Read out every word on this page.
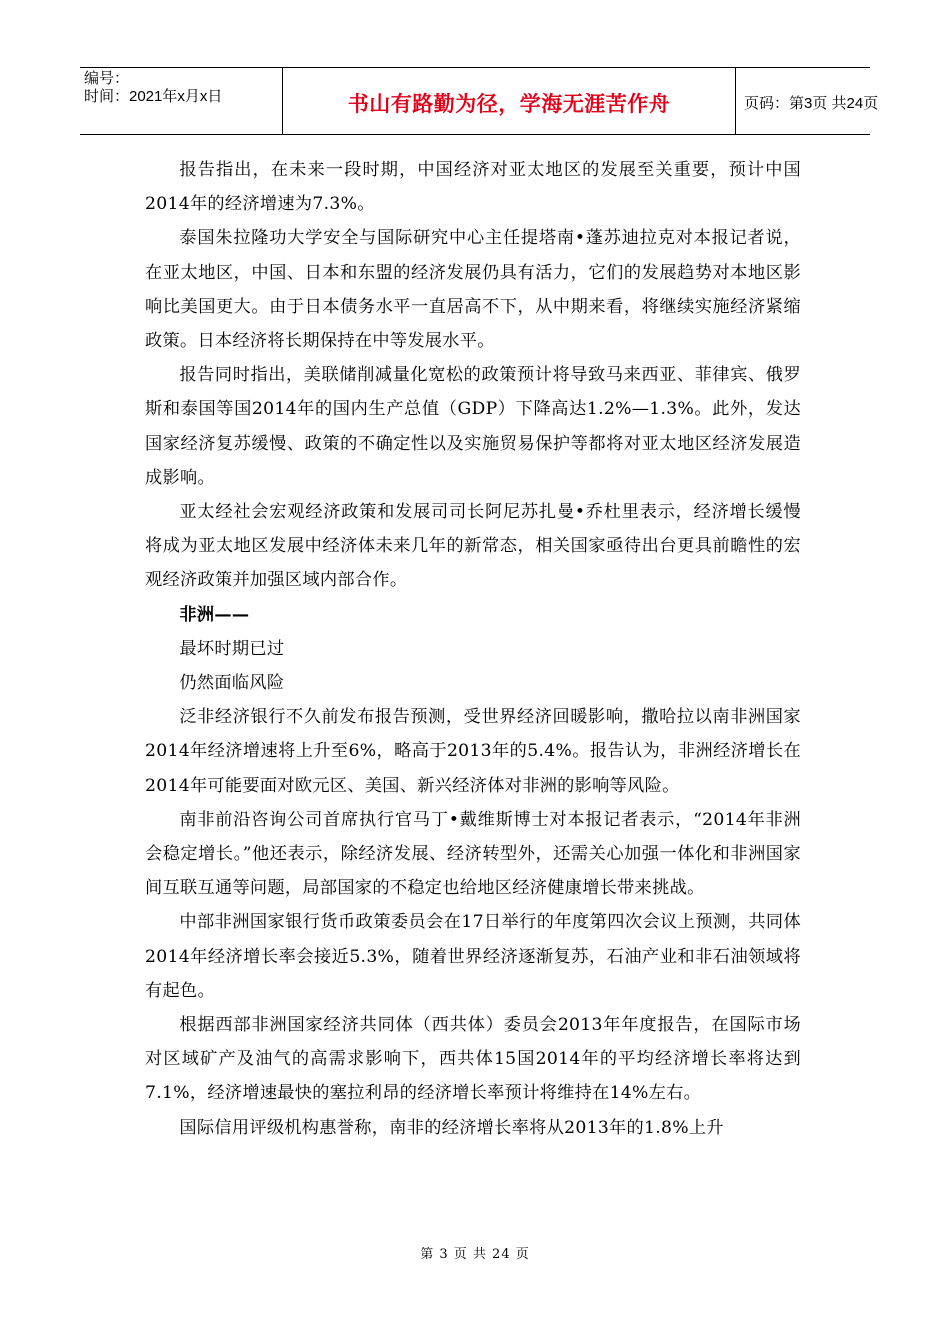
编号：
时间：2021年x月x日	书山有路勤为径，学海无涯苦作舟	页码：第3页 共24页

报告指出，在未来一段时期，中国经济对亚太地区的发展至关重要，预计中国2014年的经济增速为7.3%。

泰国朱拉隆功大学安全与国际研究中心主任提塔南•蓬苏迪拉克对本报记者说，在亚太地区，中国、日本和东盟的经济发展仍具有活力，它们的发展趋势对本地区影响比美国更大。由于日本债务水平一直居高不下，从中期来看，将继续实施经济紧缩政策。日本经济将长期保持在中等发展水平。

报告同时指出，美联储削减量化宽松的政策预计将导致马来西亚、菲律宾、俄罗斯和泰国等国2014年的国内生产总值（GDP）下降高达1.2%—1.3%。此外，发达国家经济复苏缓慢、政策的不确定性以及实施贸易保护等都将对亚太地区经济发展造成影响。

亚太经社会宏观经济政策和发展司司长阿尼苏扎曼•乔杜里表示，经济增长缓慢将成为亚太地区发展中经济体未来几年的新常态，相关国家亟待出台更具前瞻性的宏观经济政策并加强区域内部合作。

非洲——

最坏时期已过

仍然面临风险

泛非经济银行不久前发布报告预测，受世界经济回暖影响，撒哈拉以南非洲国家2014年经济增速将上升至6%，略高于2013年的5.4%。报告认为，非洲经济增长在2014年可能要面对欧元区、美国、新兴经济体对非洲的影响等风险。

南非前沿咨询公司首席执行官马丁•戴维斯博士对本报记者表示，“2014年非洲会稳定增长。”他还表示，除经济发展、经济转型外，还需关心加强一体化和非洲国家间互联互通等问题，局部国家的不稳定也给地区经济健康增长带来挑战。

中部非洲国家银行货币政策委员会在17日举行的年度第四次会议上预测，共同体2014年经济增长率会接近5.3%，随着世界经济逐渐复苏，石油产业和非石油领域将有起色。

根据西部非洲国家经济共同体（西共体）委员会2013年年度报告，在国际市场对区域矿产及油气的高需求影响下，西共体15国2014年的平均经济增长率将达到7.1%，经济增速最快的塞拉利昂的经济增长率预计将维持在14%左右。

国际信用评级机构惠誉称，南非的经济增长率将从2013年的1.8%上升

第 3 页 共 24 页
